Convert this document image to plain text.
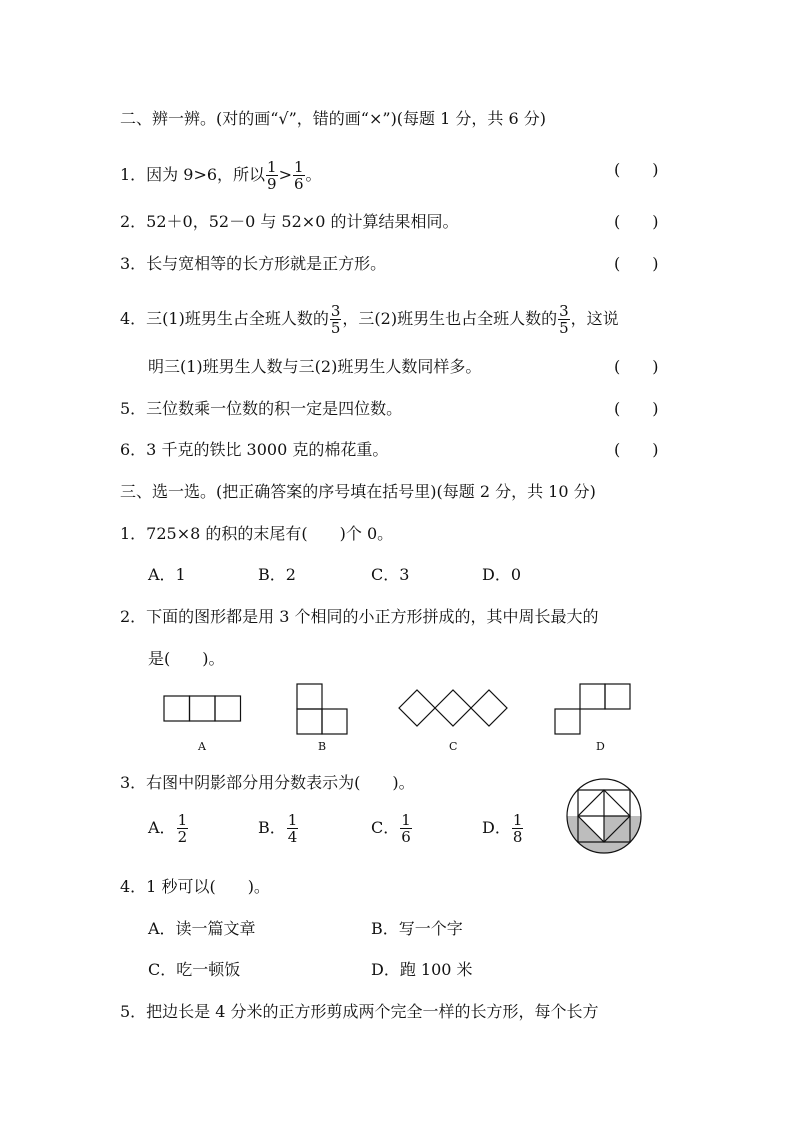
二、辨一辨。(对的画“√”，错的画“×”)(每题 1 分，共 6 分)
1．因为 9>6，所以 $\frac{1}{9} > \frac{1}{6}$ 。	(　　)
2．52＋0，52－0 与 52×0 的计算结果相同。	(　　)
3．长与宽相等的长方形就是正方形。	(　　)
4．三(1)班男生占全班人数的 $\frac{3}{5}$ ，三(2)班男生也占全班人数的 $\frac{3}{5}$ ，这说
明三(1)班男生人数与三(2)班男生人数同样多。	(　　)
5．三位数乘一位数的积一定是四位数。	(　　)
6．3 千克的铁比 3000 克的棉花重。	(　　)
三、选一选。(把正确答案的序号填在括号里)(每题 2 分，共 10 分)
1．725×8 的积的末尾有(　　)个 0。
A．1	B．2	C．3	D．0
2．下面的图形都是用 3 个相同的小正方形拼成的，其中周长最大的
是(　　)。
A	B	C	D
3．右图中阴影部分用分数表示为(　　)。
A． $\frac{1}{2}$	B． $\frac{1}{4}$	C． $\frac{1}{6}$	D． $\frac{1}{8}$
4．1 秒可以(　　)。
A．读一篇文章	B．写一个字
C．吃一顿饭	D．跑 100 米
5．把边长是 4 分米的正方形剪成两个完全一样的长方形，每个长方
